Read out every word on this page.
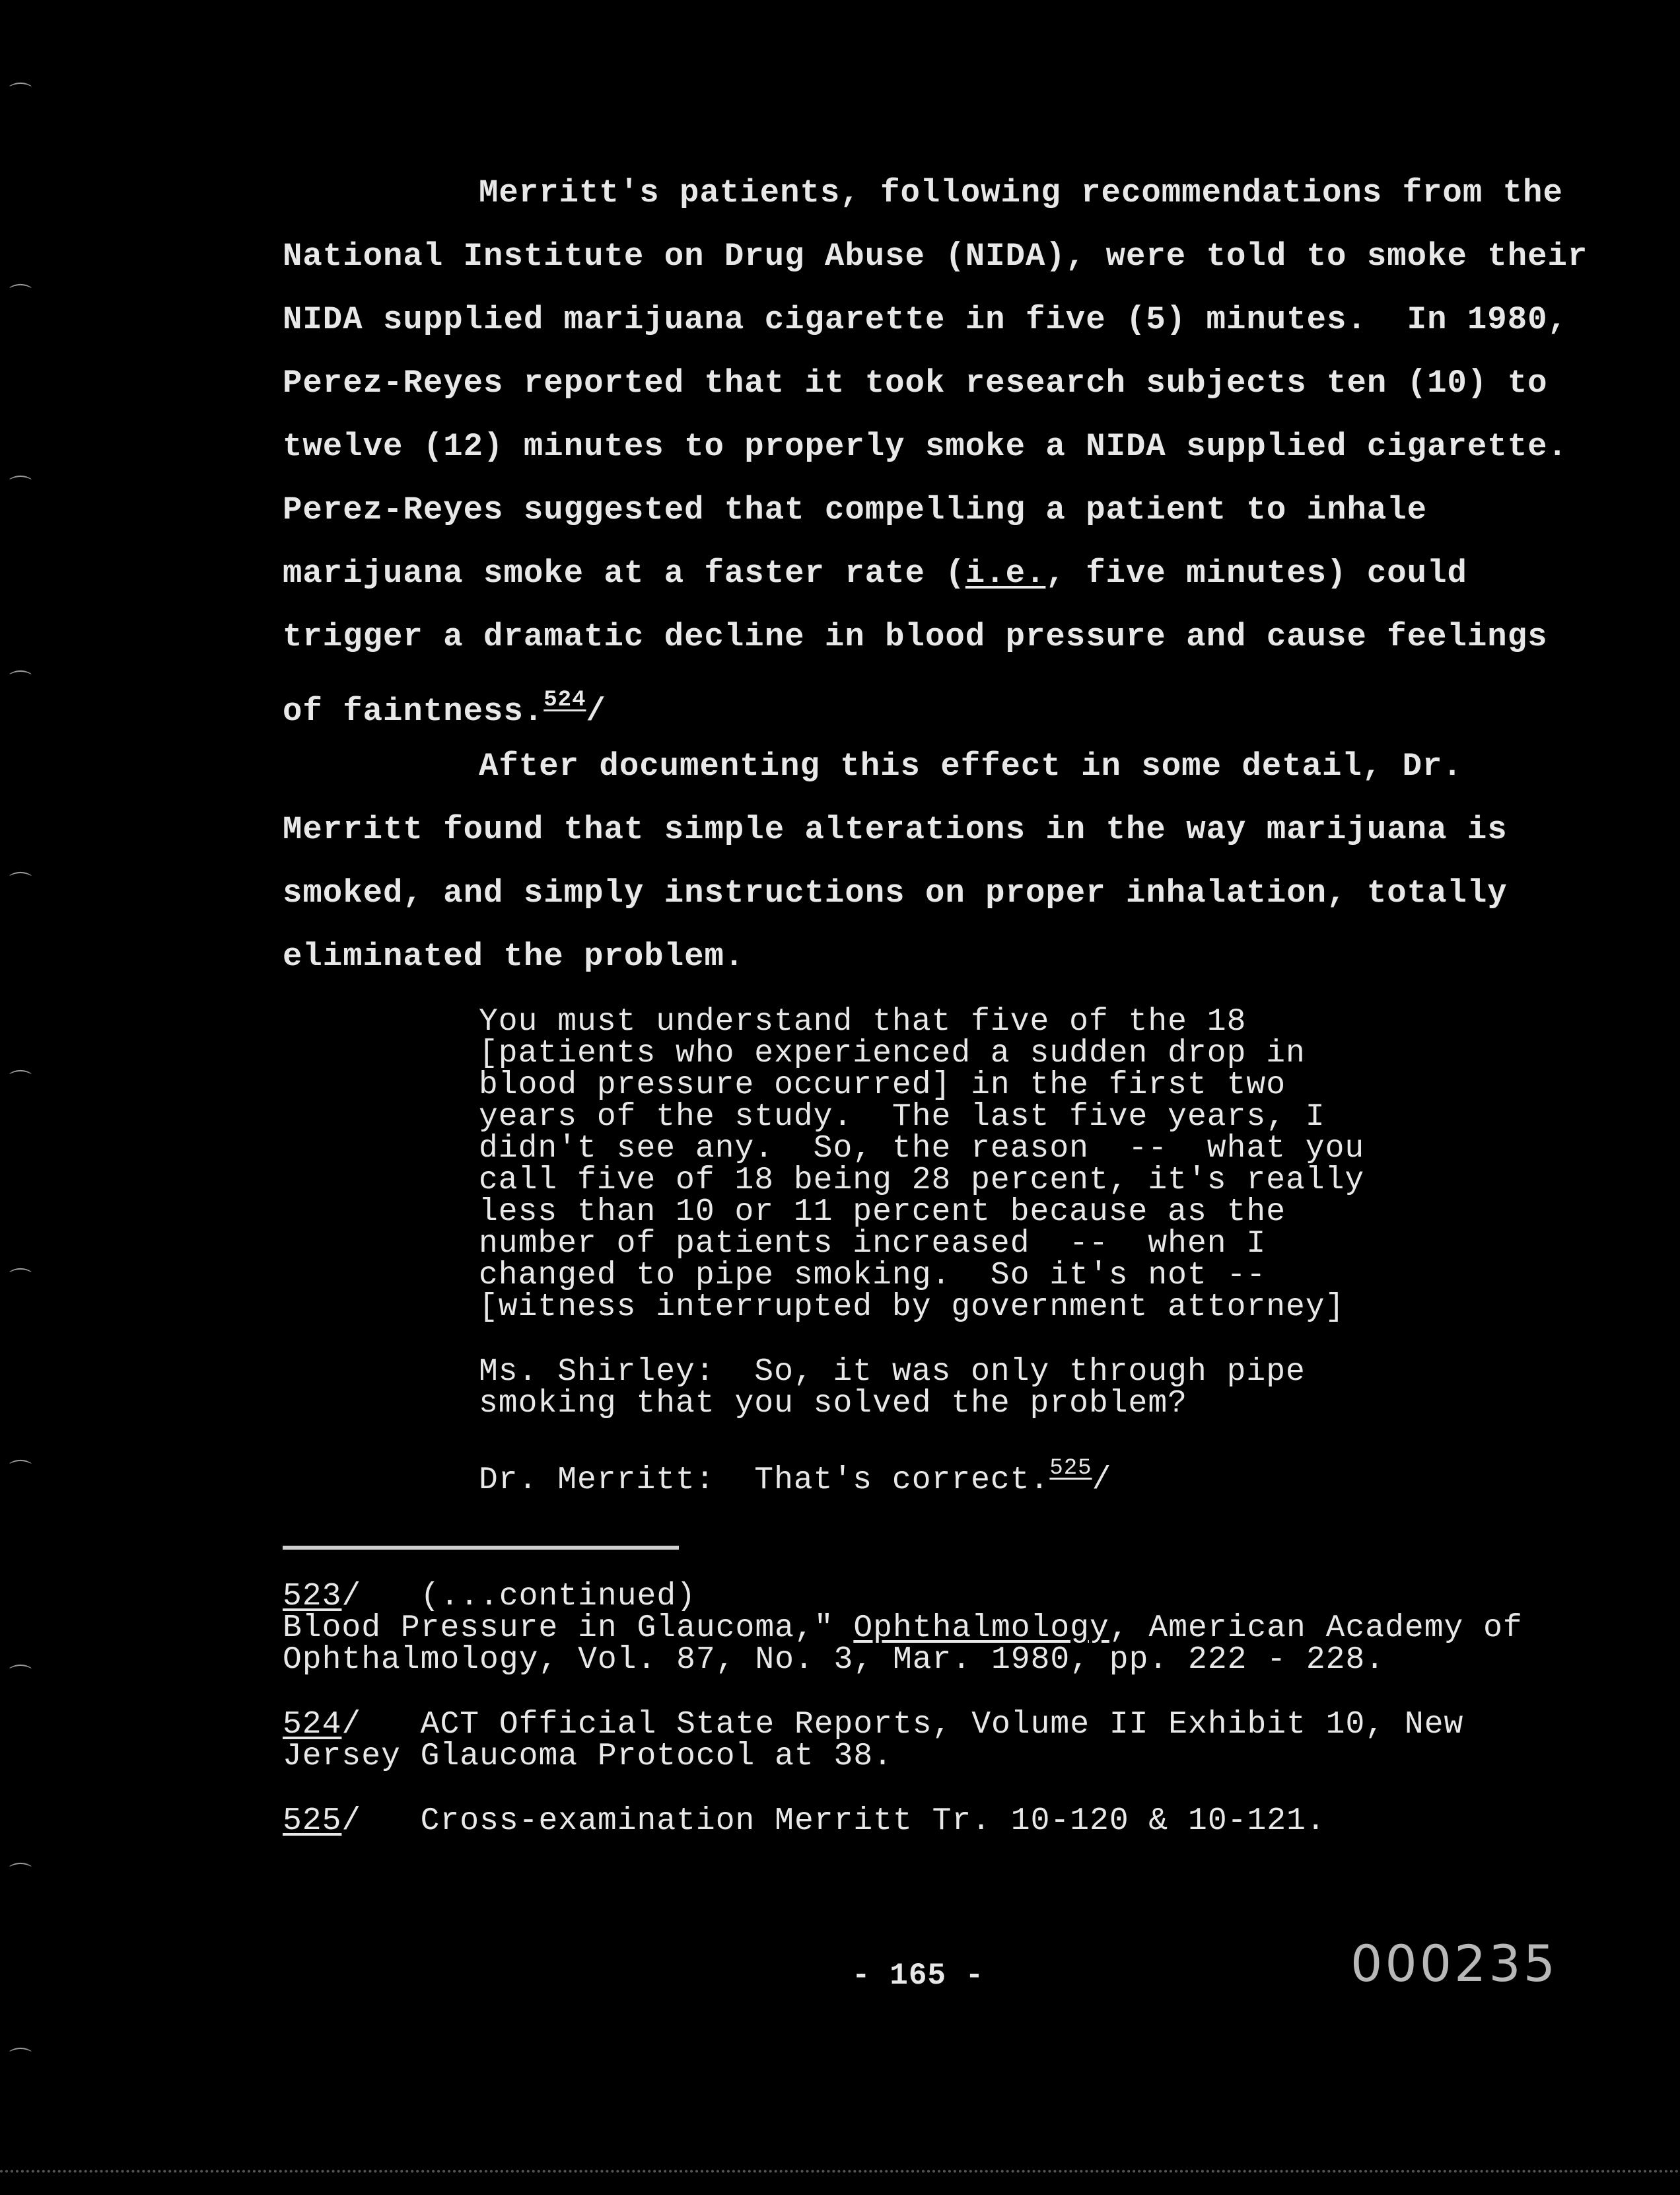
⌒
⌒
⌒
⌒
⌒
⌒
⌒
⌒
⌒
⌒
⌒
Merritt's patients, following recommendations from the
National Institute on Drug Abuse (NIDA), were told to smoke their
NIDA supplied marijuana cigarette in five (5) minutes.  In 1980,
Perez-Reyes reported that it took research subjects ten (10) to
twelve (12) minutes to properly smoke a NIDA supplied cigarette.
Perez-Reyes suggested that compelling a patient to inhale
marijuana smoke at a faster rate (i.e., five minutes) could
trigger a dramatic decline in blood pressure and cause feelings
of faintness.$^{524}$/
After documenting this effect in some detail, Dr.
Merritt found that simple alterations in the way marijuana is
smoked, and simply instructions on proper inhalation, totally
eliminated the problem.
You must understand that five of the 18
[patients who experienced a sudden drop in
blood pressure occurred] in the first two
years of the study.  The last five years, I
didn't see any.  So, the reason  --  what you
call five of 18 being 28 percent, it's really
less than 10 or 11 percent because as the
number of patients increased  --  when I
changed to pipe smoking.  So it's not --
[witness interrupted by government attorney]
Ms. Shirley:  So, it was only through pipe
smoking that you solved the problem?
Dr. Merritt:  That's correct.$^{525}$/
523/ (...continued)
Blood Pressure in Glaucoma," Ophthalmology, American Academy of
Ophthalmology, Vol. 87, No. 3, Mar. 1980, pp. 222 - 228.
524/ ACT Official State Reports, Volume II Exhibit 10, New
Jersey Glaucoma Protocol at 38.
525/ Cross-examination Merritt Tr. 10-120 & 10-121.
- 165 -	000235
